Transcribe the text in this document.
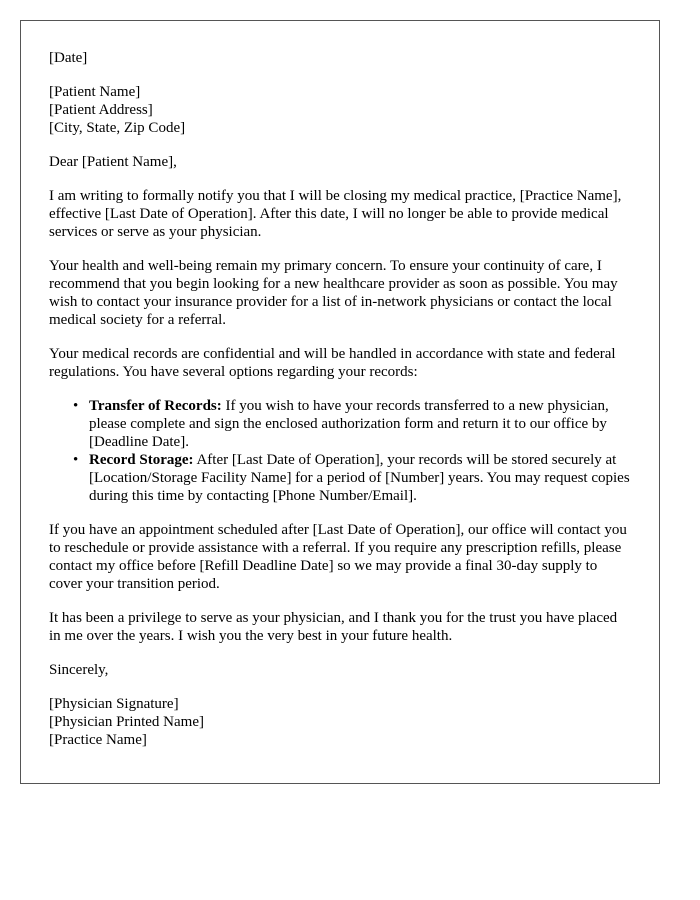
[Date]

[Patient Name]
[Patient Address]
[City, State, Zip Code]

Dear [Patient Name],

I am writing to formally notify you that I will be closing my medical practice, [Practice Name], effective [Last Date of Operation]. After this date, I will no longer be able to provide medical services or serve as your physician.

Your health and well-being remain my primary concern. To ensure your continuity of care, I recommend that you begin looking for a new healthcare provider as soon as possible. You may wish to contact your insurance provider for a list of in-network physicians or contact the local medical society for a referral.

Your medical records are confidential and will be handled in accordance with state and federal regulations. You have several options regarding your records:

• Transfer of Records: If you wish to have your records transferred to a new physician, please complete and sign the enclosed authorization form and return it to our office by [Deadline Date].
• Record Storage: After [Last Date of Operation], your records will be stored securely at [Location/Storage Facility Name] for a period of [Number] years. You may request copies during this time by contacting [Phone Number/Email].

If you have an appointment scheduled after [Last Date of Operation], our office will contact you to reschedule or provide assistance with a referral. If you require any prescription refills, please contact my office before [Refill Deadline Date] so we may provide a final 30-day supply to cover your transition period.

It has been a privilege to serve as your physician, and I thank you for the trust you have placed in me over the years. I wish you the very best in your future health.

Sincerely,

[Physician Signature]
[Physician Printed Name]
[Practice Name]
